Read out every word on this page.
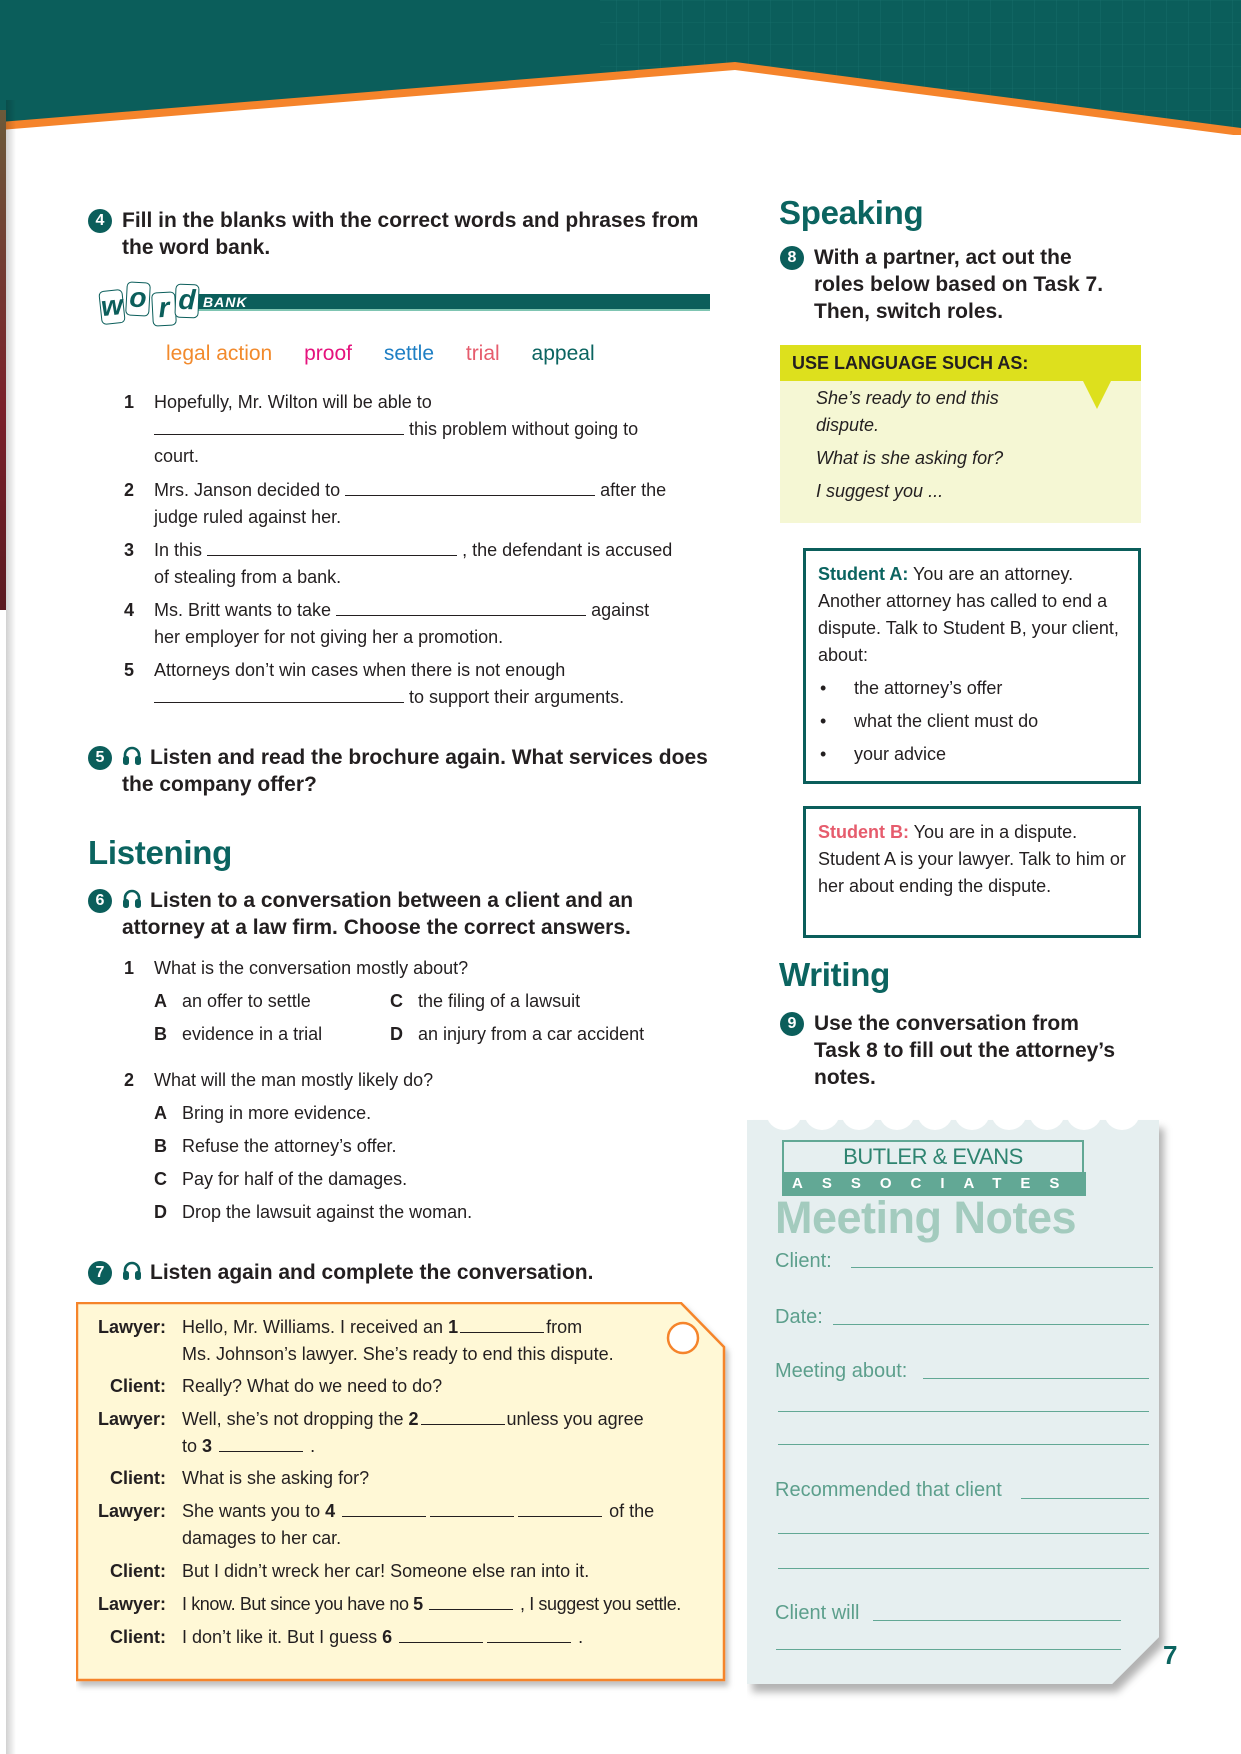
4 Fill in the blanks with the correct words and phrases from the word bank.
w o r d BANK
legal action proof settle trial appeal
1	Hopefully, Mr. Wilton will be able to
this problem without going to
court.
2	Mrs. Janson decided to	after the
judge ruled against her.
3	In this	, the defendant is accused
of stealing from a bank.
4	Ms. Britt wants to take	against
her employer for not giving her a promotion.
5	Attorneys don’t win cases when there is not enough
to support their arguments.
5	Listen and read the brochure again. What services does the company offer?
Listening
6	Listen to a conversation between a client and an attorney at a law firm. Choose the correct answers.
1	What is the conversation mostly about?
A an offer to settle
B evidence in a trial
C the filing of a lawsuit
D an injury from a car accident
2	What will the man mostly likely do?
A Bring in more evidence.
B Refuse the attorney’s offer.
C Pay for half of the damages.
D Drop the lawsuit against the woman.
7	Listen again and complete the conversation.
Lawyer: Hello, Mr. Williams. I received an 1	from
Ms. Johnson’s lawyer. She’s ready to end this dispute.
Client: Really? What do we need to do?
Lawyer: Well, she’s not dropping the 2	unless you agree
to 3	.
Client: What is she asking for?
Lawyer: She wants you to 4	of the
damages to her car.
Client: But I didn’t wreck her car! Someone else ran into it.
Lawyer: I know. But since you have no 5	, I suggest you settle.
Client: I don’t like it. But I guess 6	.
Speaking
8 With a partner, act out the roles below based on Task 7. Then, switch roles.
USE LANGUAGE SUCH AS:
She’s ready to end this
dispute.
What is she asking for?
I suggest you ...
Student A: You are an attorney. Another attorney has called to end a dispute. Talk to Student B, your client, about:
• the attorney’s offer
• what the client must do
• your advice
Student B: You are in a dispute. Student A is your lawyer. Talk to him or her about ending the dispute.
Writing
9 Use the conversation from Task 8 to fill out the attorney’s notes.
BUTLER & EVANS
ASSOCIATES
Meeting Notes
Client:
Date:
Meeting about:
Recommended that client
Client will
7
